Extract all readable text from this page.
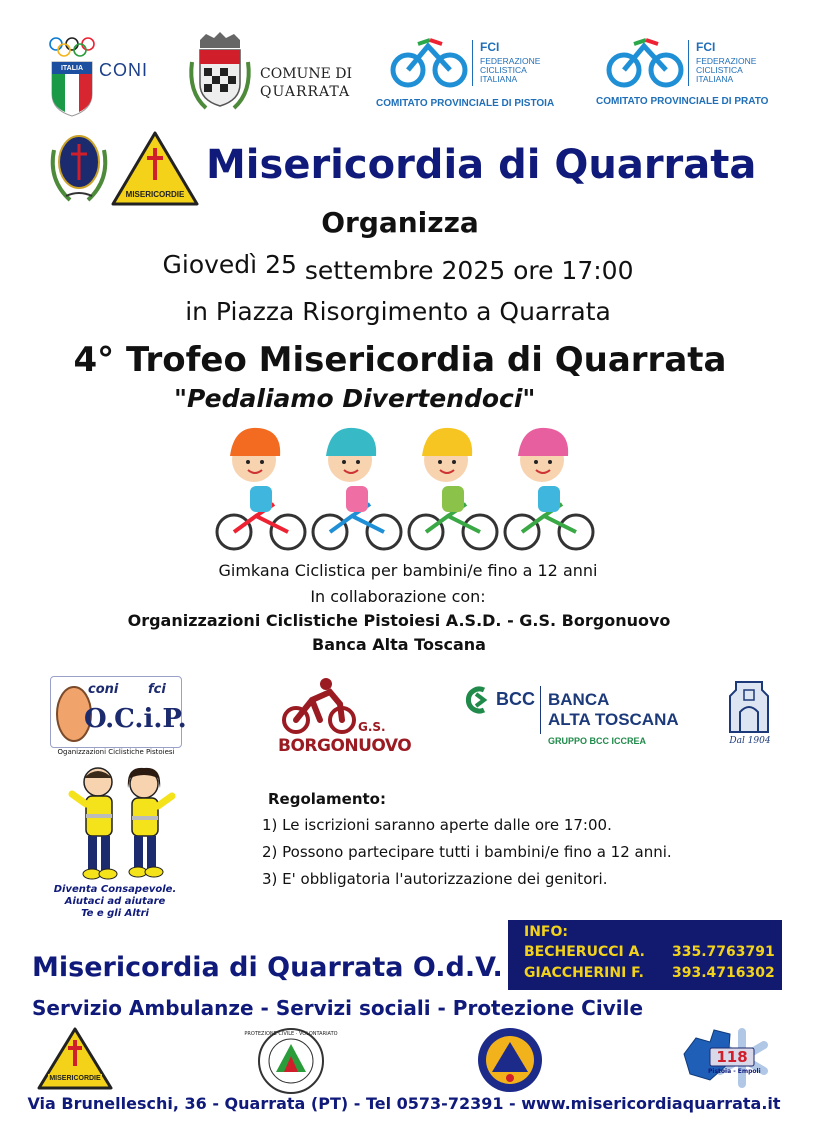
ITALIA CONI	COMUNE DI
QUARRATA
FCI
FEDERAZIONE
CICLISTICA
ITALIANA
COMITATO PROVINCIALE DI PISTOIA
FCI
FEDERAZIONE
CICLISTICA
ITALIANA
COMITATO PROVINCIALE DI PRATO
MISERICORDIE
Misericordia di Quarrata
Organizza
Giovedì 25 settembre 2025 ore 17:00
in Piazza Risorgimento a Quarrata
4° Trofeo Misericordia di Quarrata
"Pedaliamo Divertendoci"
Gimkana Ciclistica per bambini/e fino a 12 anni
In collaborazione con:
Organizzazioni Ciclistiche Pistoiesi A.S.D. - G.S. Borgonuovo
Banca Alta Toscana
coni fci
O.C.i.P.
Oganizzazioni Ciclistiche Pistoiesi
G.S.
BORGONUOVO
BCC BANCA
ALTA TOSCANA
GRUPPO BCC ICCREA	Dal 1904
Diventa Consapevole.
Aiutaci ad aiutare
Te e gli Altri
Regolamento:
1) Le iscrizioni saranno aperte dalle ore 17:00.
2) Possono partecipare tutti i bambini/e fino a 12 anni.
3) E' obbligatoria l'autorizzazione dei genitori.
INFO:
BECHERUCCI A. 335.7763791
GIACCHERINI F. 393.4716302
Misericordia di Quarrata O.d.V.
Servizio Ambulanze - Servizi sociali - Protezione Civile
MISERICORDIE
PROTEZIONE CIVILE · VOLONTARIATO
118
Pistoia - Empoli
Via Brunelleschi, 36 - Quarrata (PT) - Tel 0573-72391 - www.misericordiaquarrata.it
